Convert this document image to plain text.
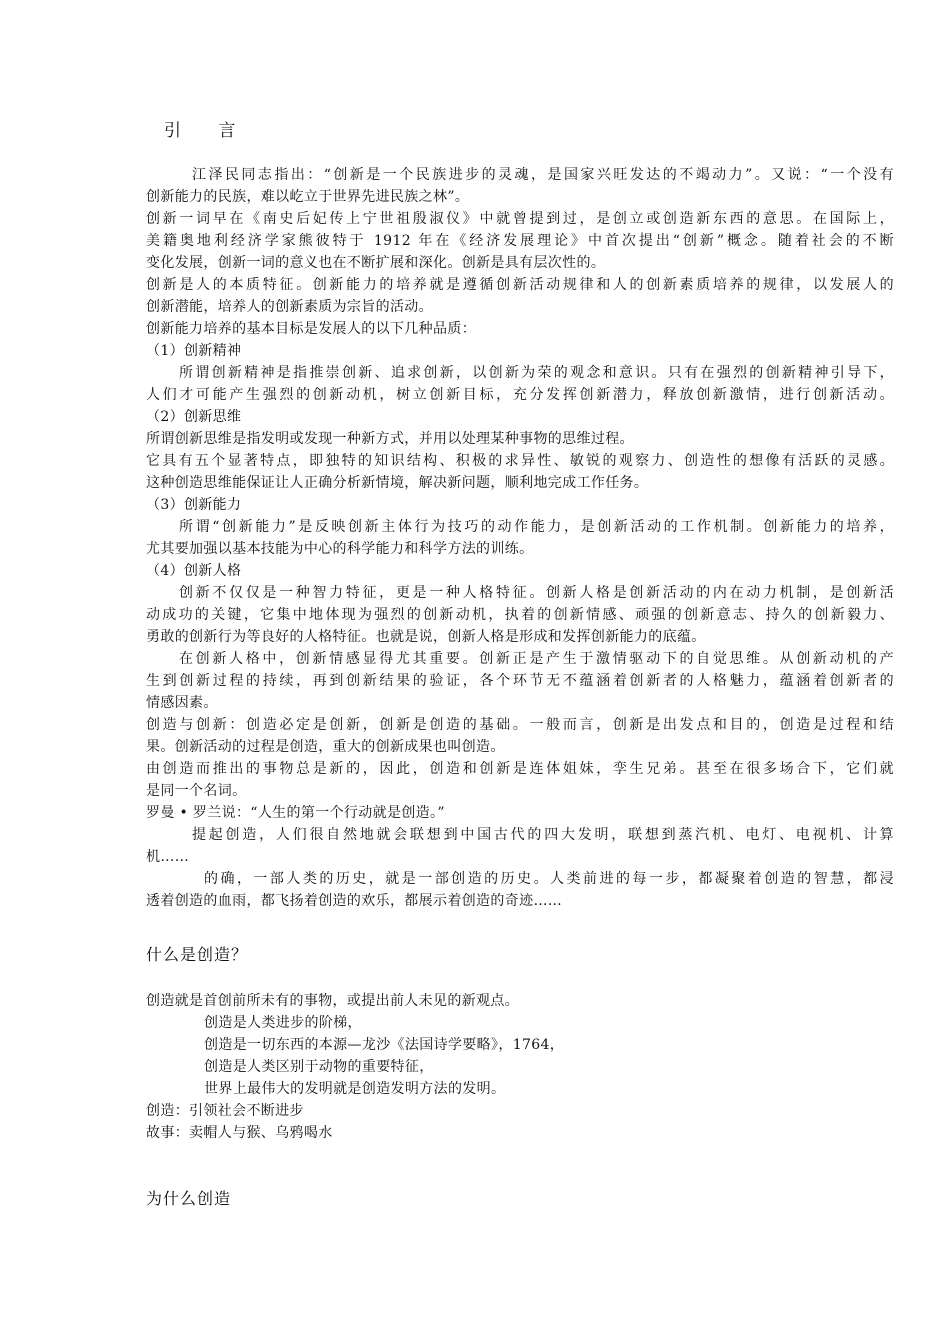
引 言
江泽民同志指出：“创新是一个民族进步的灵魂，是国家兴旺发达的不竭动力”。又说：“一个没有
创新能力的民族，难以屹立于世界先进民族之林”。
创新一词早在《南史后妃传上宁世祖殷淑仪》中就曾提到过，是创立或创造新东西的意思。在国际上，
美籍奥地利经济学家熊彼特于 1912 年在《经济发展理论》中首次提出“创新”概念。随着社会的不断
变化发展，创新一词的意义也在不断扩展和深化。创新是具有层次性的。
创新是人的本质特征。创新能力的培养就是遵循创新活动规律和人的创新素质培养的规律，以发展人的
创新潜能，培养人的创新素质为宗旨的活动。
创新能力培养的基本目标是发展人的以下几种品质：
（1）创新精神
所谓创新精神是指推崇创新、追求创新，以创新为荣的观念和意识。只有在强烈的创新精神引导下，
人们才可能产生强烈的创新动机，树立创新目标，充分发挥创新潜力，释放创新激情，进行创新活动。
（2）创新思维
所谓创新思维是指发明或发现一种新方式，并用以处理某种事物的思维过程。
它具有五个显著特点，即独特的知识结构、积极的求异性、敏锐的观察力、创造性的想像有活跃的灵感。
这种创造思维能保证让人正确分析新情境，解决新问题，顺利地完成工作任务。
（3）创新能力
所谓“创新能力”是反映创新主体行为技巧的动作能力，是创新活动的工作机制。创新能力的培养，
尤其要加强以基本技能为中心的科学能力和科学方法的训练。
（4）创新人格
创新不仅仅是一种智力特征，更是一种人格特征。创新人格是创新活动的内在动力机制，是创新活
动成功的关键，它集中地体现为强烈的创新动机，执着的创新情感、顽强的创新意志、持久的创新毅力、
勇敢的创新行为等良好的人格特征。也就是说，创新人格是形成和发挥创新能力的底蕴。
在创新人格中，创新情感显得尤其重要。创新正是产生于激情驱动下的自觉思维。从创新动机的产
生到创新过程的持续，再到创新结果的验证，各个环节无不蕴涵着创新者的人格魅力，蕴涵着创新者的
情感因素。
创造与创新：创造必定是创新，创新是创造的基础。一般而言，创新是出发点和目的，创造是过程和结
果。创新活动的过程是创造，重大的创新成果也叫创造。
由创造而推出的事物总是新的，因此，创造和创新是连体姐妹，孪生兄弟。甚至在很多场合下，它们就
是同一个名词。
罗曼 • 罗兰说：“人生的第一个行动就是创造。”
提起创造，人们很自然地就会联想到中国古代的四大发明，联想到蒸汽机、电灯、电视机、计算
机……
的确，一部人类的历史，就是一部创造的历史。人类前进的每一步，都凝聚着创造的智慧，都浸
透着创造的血雨，都飞扬着创造的欢乐，都展示着创造的奇迹……
什么是创造？
创造就是首创前所未有的事物，或提出前人未见的新观点。
创造是人类进步的阶梯，
创造是一切东西的本源—龙沙《法国诗学要略》，1764，
创造是人类区别于动物的重要特征，
世界上最伟大的发明就是创造发明方法的发明。
创造：引领社会不断进步
故事：卖帽人与猴、乌鸦喝水
为什么创造
